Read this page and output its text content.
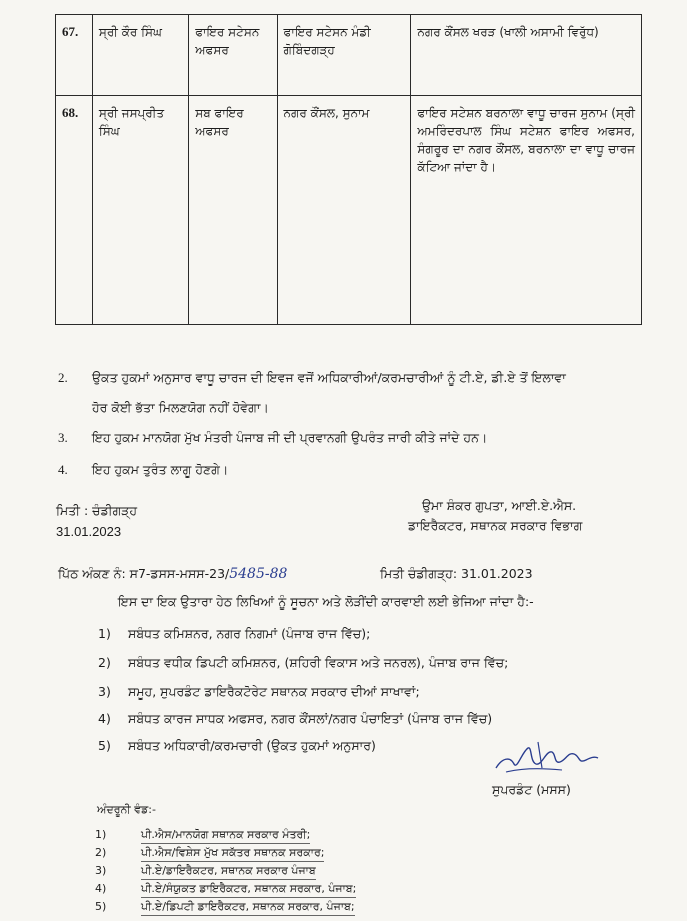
67.	ਸ੍ਰੀ ਕੌਰ ਸਿੰਘ	ਫਾਇਰ ਸਟੇਸਨ ਅਫਸਰ	ਫਾਇਰ ਸਟੇਸਨ ਮੰਡੀ ਗੋਬਿੰਦਗੜ੍ਹ	ਨਗਰ ਕੌਂਸਲ ਖਰੜ (ਖਾਲੀ ਅਸਾਮੀ ਵਿਰੁੱਧ)
68.	ਸ੍ਰੀ ਜਸਪ੍ਰੀਤ ਸਿੰਘ	ਸਬ ਫਾਇਰ ਅਫਸਰ	ਨਗਰ ਕੌਂਸਲ, ਸੁਨਾਮ	ਫਾਇਰ ਸਟੇਸ਼ਨ ਬਰਨਾਲਾ ਵਾਧੂ ਚਾਰਜ ਸੁਨਾਮ (ਸ੍ਰੀ ਅਮਰਿੰਦਰਪਾਲ ਸਿੰਘ ਸਟੇਸ਼ਨ ਫਾਇਰ ਅਫਸਰ, ਸੰਗਰੂਰ ਦਾ ਨਗਰ ਕੌਂਸਲ, ਬਰਨਾਲਾ ਦਾ ਵਾਧੂ ਚਾਰਜ ਕੱਟਿਆ ਜਾਂਦਾ ਹੈ।
2. ਉਕਤ ਹੁਕਮਾਂ ਅਨੁਸਾਰ ਵਾਧੂ ਚਾਰਜ ਦੀ ਇਵਜ ਵਜੋਂ ਅਧਿਕਾਰੀਆਂ/ਕਰਮਚਾਰੀਆਂ ਨੂੰ ਟੀ.ਏ, ਡੀ.ਏ ਤੋਂ ਇਲਾਵਾ
ਹੋਰ ਕੋਈ ਭੱਤਾ ਮਿਲਣਯੋਗ ਨਹੀਂ ਹੋਵੇਗਾ।
3. ਇਹ ਹੁਕਮ ਮਾਨਯੋਗ ਮੁੱਖ ਮੰਤਰੀ ਪੰਜਾਬ ਜੀ ਦੀ ਪ੍ਰਵਾਨਗੀ ਉਪਰੰਤ ਜਾਰੀ ਕੀਤੇ ਜਾਂਦੇ ਹਨ।
4. ਇਹ ਹੁਕਮ ਤੁਰੰਤ ਲਾਗੂ ਹੋਣਗੇ।
ਮਿਤੀ : ਚੰਡੀਗੜ੍ਹ
31.01.2023
ਉਮਾ ਸ਼ੰਕਰ ਗੁਪਤਾ, ਆਈ.ਏ.ਐਸ.
ਡਾਇਰੈਕਟਰ, ਸਥਾਨਕ ਸਰਕਾਰ ਵਿਭਾਗ
ਪਿੱਠ ਅੰਕਣ ਨੰ: ਸ7-ਡਸਸ-ਮਸਸ-23/5485-88	ਮਿਤੀ ਚੰਡੀਗੜ੍ਹ: 31.01.2023
ਇਸ ਦਾ ਇਕ ਉਤਾਰਾ ਹੇਠ ਲਿਖਿਆਂ ਨੂੰ ਸੂਚਨਾ ਅਤੇ ਲੋੜੀਂਦੀ ਕਾਰਵਾਈ ਲਈ ਭੇਜਿਆ ਜਾਂਦਾ ਹੈ:-
1) ਸਬੰਧਤ ਕਮਿਸ਼ਨਰ, ਨਗਰ ਨਿਗਮਾਂ (ਪੰਜਾਬ ਰਾਜ ਵਿੱਚ);
2) ਸਬੰਧਤ ਵਧੀਕ ਡਿਪਟੀ ਕਮਿਸ਼ਨਰ, (ਸ਼ਹਿਰੀ ਵਿਕਾਸ ਅਤੇ ਜਨਰਲ), ਪੰਜਾਬ ਰਾਜ ਵਿੱਚ;
3) ਸਮੂਹ, ਸੁਪਰਡੰਟ ਡਾਇਰੈਕਟੋਰੇਟ ਸਥਾਨਕ ਸਰਕਾਰ ਦੀਆਂ ਸਾਖਾਵਾਂ;
4) ਸਬੰਧਤ ਕਾਰਜ ਸਾਧਕ ਅਫਸਰ, ਨਗਰ ਕੌਂਸਲਾਂ/ਨਗਰ ਪੰਚਾਇਤਾਂ (ਪੰਜਾਬ ਰਾਜ ਵਿੱਚ)
5) ਸਬੰਧਤ ਅਧਿਕਾਰੀ/ਕਰਮਚਾਰੀ (ਉਕਤ ਹੁਕਮਾਂ ਅਨੁਸਾਰ)
ਸੁਪਰਡੰਟ (ਮਸਸ)
ਅੰਦਰੂਨੀ ਵੰਡ:-
1)	ਪੀ.ਐਸ/ਮਾਨਯੋਗ ਸਥਾਨਕ ਸਰਕਾਰ ਮੰਤਰੀ;
2)	ਪੀ.ਐਸ/ਵਿਸ਼ੇਸ ਮੁੱਖ ਸਕੱਤਰ ਸਥਾਨਕ ਸਰਕਾਰ;
3)	ਪੀ.ਏ/ਡਾਇਰੈਕਟਰ, ਸਥਾਨਕ ਸਰਕਾਰ ਪੰਜਾਬ
4)	ਪੀ.ਏ/ਸੰਯੁਕਤ ਡਾਇਰੈਕਟਰ, ਸਥਾਨਕ ਸਰਕਾਰ, ਪੰਜਾਬ;
5)	ਪੀ.ਏ/ਡਿਪਟੀ ਡਾਇਰੈਕਟਰ, ਸਥਾਨਕ ਸਰਕਾਰ, ਪੰਜਾਬ;
